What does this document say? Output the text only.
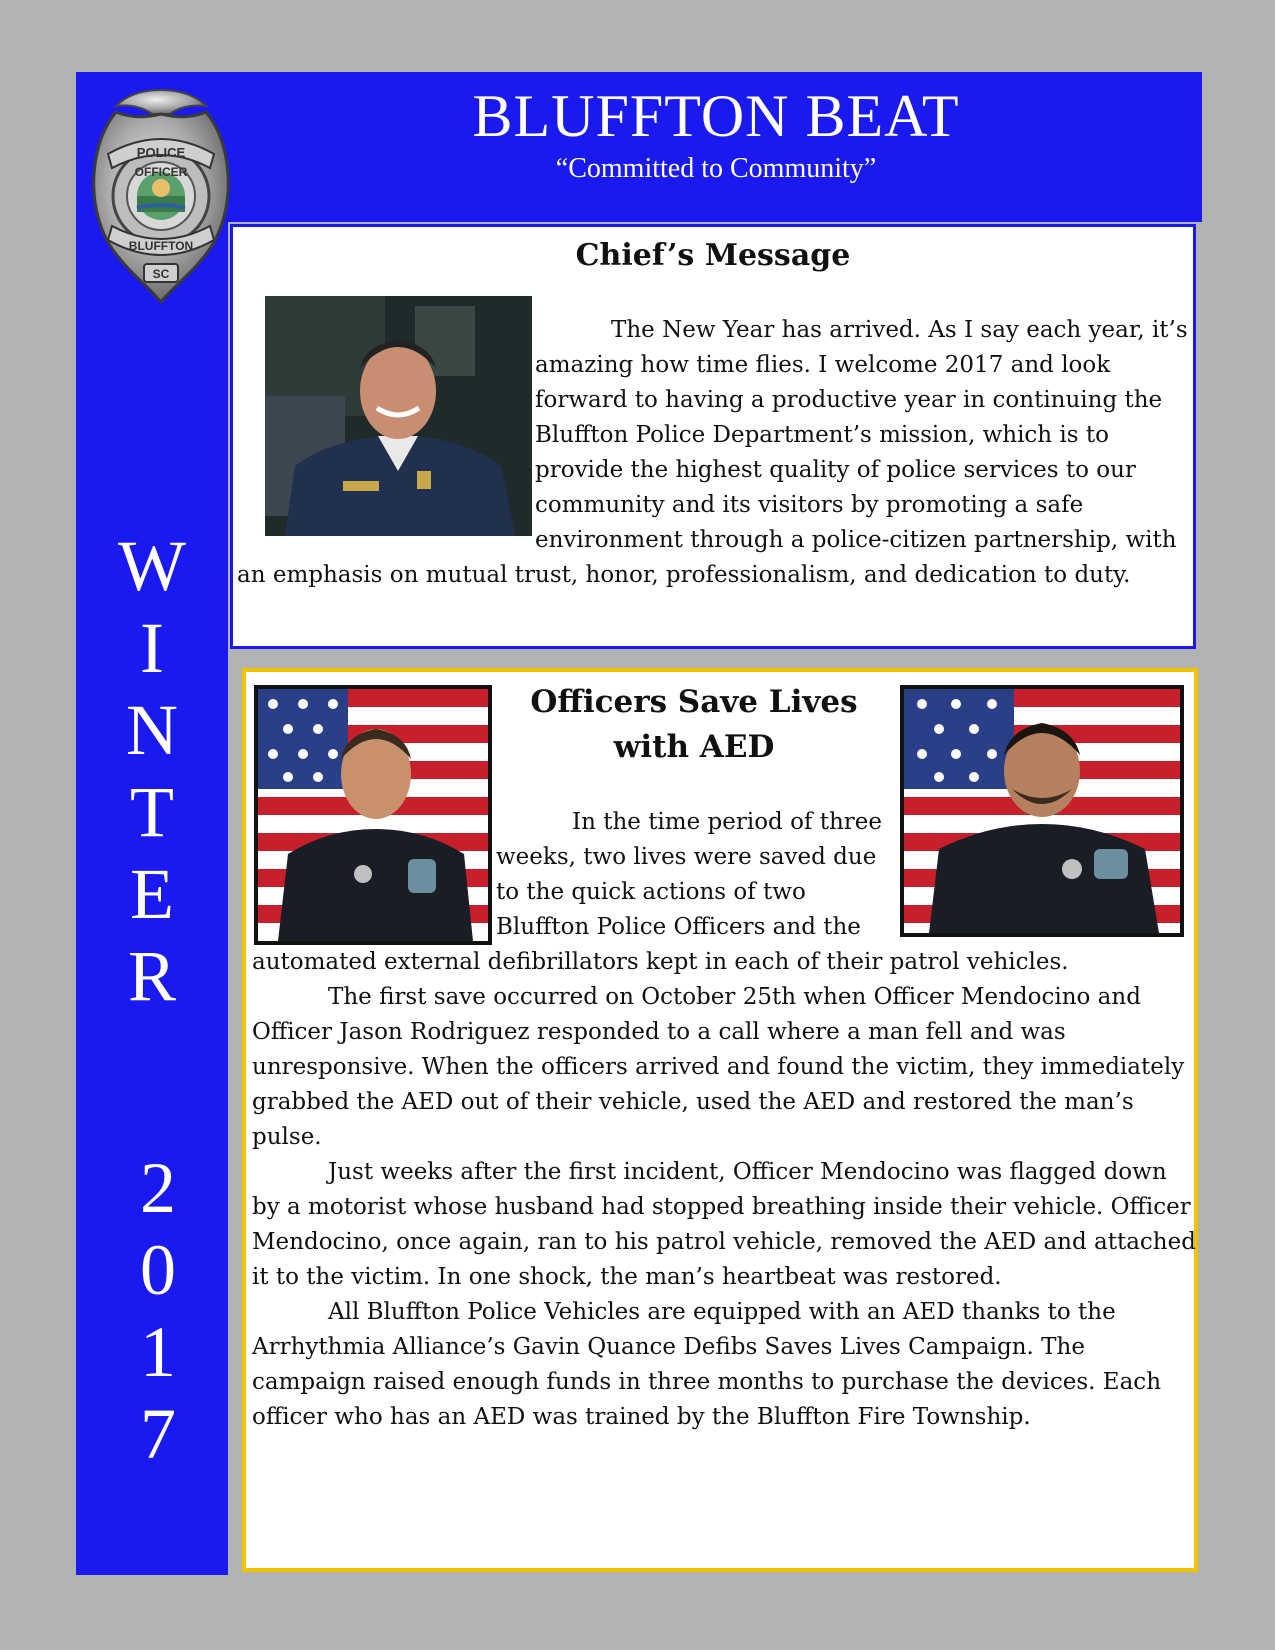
BLUFFTON BEAT
“Committed to Community”
POLICE
OFFICER
BLUFFTON
SC
TOWN OF BLUFFTON · SOUTH CAROLINA
W
I
N
T
E
R
2
0
1
7
Chief’s Message
The New Year has arrived. As I say each year, it’s amazing how time flies. I welcome 2017 and look forward to having a productive year in continuing the Bluffton Police Department’s mission, which is to provide the highest quality of police services to our community and its visitors by promoting a safe environment through a police-citizen partnership, with an emphasis on mutual trust, honor, professionalism, and dedication to duty.
Officers Save Lives with AED

In the time period of three weeks, two lives were saved due to the quick actions of two Bluffton Police Officers and the automated external defibrillators kept in each of their patrol vehicles.

The first save occurred on October 25th when Officer Mendocino and Officer Jason Rodriguez responded to a call where a man fell and was unresponsive. When the officers arrived and found the victim, they immediately grabbed the AED out of their vehicle, used the AED and restored the man’s pulse.

Just weeks after the first incident, Officer Mendocino was flagged down by a motorist whose husband had stopped breathing inside their vehicle. Officer Mendocino, once again, ran to his patrol vehicle, removed the AED and attached it to the victim. In one shock, the man’s heartbeat was restored.

All Bluffton Police Vehicles are equipped with an AED thanks to the Arrhythmia Alliance’s Gavin Quance Defibs Saves Lives Campaign. The campaign raised enough funds in three months to purchase the devices. Each officer who has an AED was trained by the Bluffton Fire Township.
